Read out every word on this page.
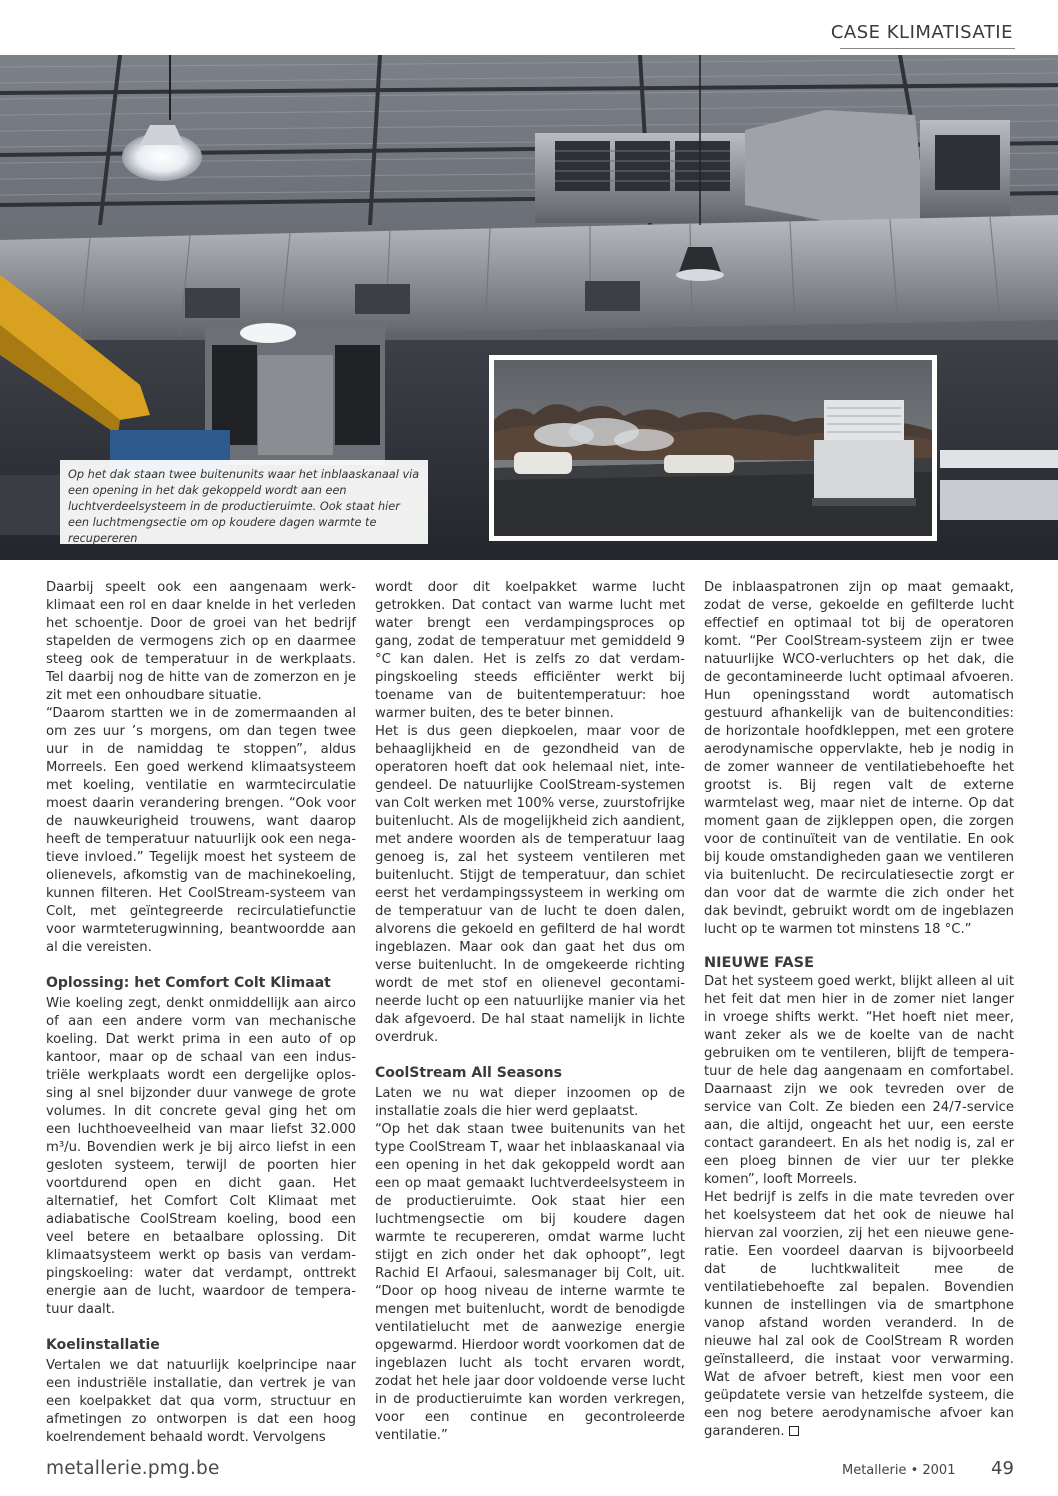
CASE KLIMATISATIE
Op het dak staan twee buitenunits waar het inblaaskanaal via een opening in het dak gekoppeld wordt aan een luchtverdeelsysteem in de productieruimte. Ook staat hier een luchtmengsectie om op koudere dagen warmte te recupereren

Daarbij speelt ook een aangenaam werkklimaat een rol en daar knelde in het verleden het schoentje. Door de groei van het bedrijf stapelden de vermogens zich op en daarmee steeg ook de temperatuur in de werkplaats. Tel daarbij nog de hitte van de zomerzon en je zit met een onhoudbare situatie.

“Daarom startten we in de zomermaanden al om zes uur ’s morgens, om dan tegen twee uur in de namiddag te stoppen”, aldus Morreels. Een goed werkend klimaatsysteem met koeling, ventilatie en warmtecirculatie moest daarin verandering brengen. “Ook voor de nauwkeurigheid trouwens, want daarop heeft de temperatuur natuurlijk ook een negatieve invloed.” Tegelijk moest het systeem de olienevels, afkomstig van de machinekoeling, kunnen filteren. Het CoolStream-systeem van Colt, met geïntegreerde recirculatiefunctie voor warmteterugwinning, beantwoordde aan al die vereisten.

Oplossing: het Comfort Colt Klimaat

Wie koeling zegt, denkt onmiddellijk aan airco of aan een andere vorm van mechanische koeling. Dat werkt prima in een auto of op kantoor, maar op de schaal van een industriële werkplaats wordt een dergelijke oplossing al snel bijzonder duur vanwege de grote volumes. In dit concrete geval ging het om een luchthoeveelheid van maar liefst 32.000 m³/u. Bovendien werk je bij airco liefst in een gesloten systeem, terwijl de poorten hier voortdurend open en dicht gaan. Het alternatief, het Comfort Colt Klimaat met adiabatische CoolStream koeling, bood een veel betere en betaalbare oplossing. Dit klimaatsysteem werkt op basis van verdampingskoeling: water dat verdampt, onttrekt energie aan de lucht, waardoor de temperatuur daalt.

Koelinstallatie

Vertalen we dat natuurlijk koelprincipe naar een industriële installatie, dan vertrek je van een koelpakket dat qua vorm, structuur en afmetingen zo ontworpen is dat een hoog koelrendement behaald wordt. Vervolgens

wordt door dit koelpakket warme lucht getrokken. Dat contact van warme lucht met water brengt een verdampingsproces op gang, zodat de temperatuur met gemiddeld 9 °C kan dalen. Het is zelfs zo dat verdampingskoeling steeds efficiënter werkt bij toename van de buitentemperatuur: hoe warmer buiten, des te beter binnen.

Het is dus geen diepkoelen, maar voor de behaaglijkheid en de gezondheid van de operatoren hoeft dat ook helemaal niet, integendeel. De natuurlijke CoolStream-systemen van Colt werken met 100% verse, zuurstofrijke buitenlucht. Als de mogelijkheid zich aandient, met andere woorden als de temperatuur laag genoeg is, zal het systeem ventileren met buitenlucht. Stijgt de temperatuur, dan schiet eerst het verdampingssysteem in werking om de temperatuur van de lucht te doen dalen, alvorens die gekoeld en gefilterd de hal wordt ingeblazen. Maar ook dan gaat het dus om verse buitenlucht. In de omgekeerde richting wordt de met stof en olienevel gecontamineerde lucht op een natuurlijke manier via het dak afgevoerd. De hal staat namelijk in lichte overdruk.

CoolStream All Seasons

Laten we nu wat dieper inzoomen op de installatie zoals die hier werd geplaatst.

“Op het dak staan twee buitenunits van het type CoolStream T, waar het inblaaskanaal via een opening in het dak gekoppeld wordt aan een op maat gemaakt luchtverdeelsysteem in de productieruimte. Ook staat hier een luchtmengsectie om bij koudere dagen warmte te recupereren, omdat warme lucht stijgt en zich onder het dak ophoopt”, legt Rachid El Arfaoui, salesmanager bij Colt, uit. “Door op hoog niveau de interne warmte te mengen met buitenlucht, wordt de benodigde ventilatielucht met de aanwezige energie opgewarmd. Hierdoor wordt voorkomen dat de ingeblazen lucht als tocht ervaren wordt, zodat het hele jaar door voldoende verse lucht in de productieruimte kan worden verkregen, voor een continue en gecontroleerde ventilatie.”

De inblaaspatronen zijn op maat gemaakt, zodat de verse, gekoelde en gefilterde lucht effectief en optimaal tot bij de operatoren komt. “Per CoolStream-systeem zijn er twee natuurlijke WCO-verluchters op het dak, die de gecontamineerde lucht optimaal afvoeren. Hun openingsstand wordt automatisch gestuurd afhankelijk van de buitencondities: de horizontale hoofdkleppen, met een grotere aerodynamische oppervlakte, heb je nodig in de zomer wanneer de ventilatiebehoefte het grootst is. Bij regen valt de externe warmtelast weg, maar niet de interne. Op dat moment gaan de zijkleppen open, die zorgen voor de continuïteit van de ventilatie. En ook bij koude omstandigheden gaan we ventileren via buitenlucht. De recirculatiesectie zorgt er dan voor dat de warmte die zich onder het dak bevindt, gebruikt wordt om de ingeblazen lucht op te warmen tot minstens 18 °C.”

NIEUWE FASE

Dat het systeem goed werkt, blijkt alleen al uit het feit dat men hier in de zomer niet langer in vroege shifts werkt. “Het hoeft niet meer, want zeker als we de koelte van de nacht gebruiken om te ventileren, blijft de temperatuur de hele dag aangenaam en comfortabel. Daarnaast zijn we ook tevreden over de service van Colt. Ze bieden een 24/7-service aan, die altijd, ongeacht het uur, een eerste contact garandeert. En als het nodig is, zal er een ploeg binnen de vier uur ter plekke komen”, looft Morreels.

Het bedrijf is zelfs in die mate tevreden over het koelsysteem dat het ook de nieuwe hal hiervan zal voorzien, zij het een nieuwe generatie. Een voordeel daarvan is bijvoorbeeld dat de luchtkwaliteit mee de ventilatiebehoefte zal bepalen. Bovendien kunnen de instellingen via de smartphone vanop afstand worden veranderd. In de nieuwe hal zal ook de CoolStream R worden geïnstalleerd, die instaat voor verwarming. Wat de afvoer betreft, kiest men voor een geüpdatete versie van hetzelfde systeem, die een nog betere aerodynamische afvoer kan garanderen.

metallerie.pmg.be	Metallerie • 2001 49
